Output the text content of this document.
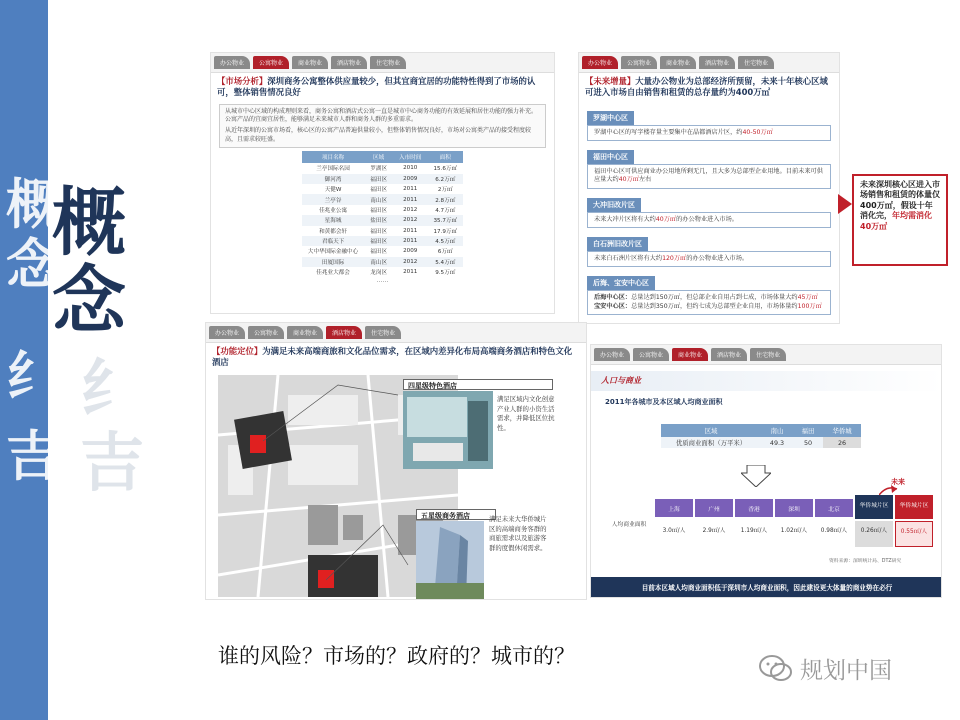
概
念
纟
吉
概
念
纟
吉
办公物业	公寓物业	商业物业	酒店物业	住宅物业
【市场分析】深圳商务公寓整体供应量较少，但其宜商宜居的功能特性得到了市场的认可，整体销售情况良好
从城市中心区域的构成理则来看，商务公寓和酒店式公寓一直是城市中心商务功能的有效延展和居住功能的强力补充。公寓产品的宜商宜居性，能够满足未来城市人群和商务人群的多重需求。
从近年深圳的公寓市场看，核心区的公寓产品普遍供量较小，但整体销售情况良好，市场对公寓类产品的接受程度较高，且需求较旺盛。
项目名称	区域	入市时间	面积
兰亭国际名园	罗湖区	2010	15.6万㎡
御河湾	福田区	2009	6.2万㎡
天健W	福田区	2011	2万㎡
兰亭谷	南山区	2011	2.8万㎡
佳兆业公寓	福田区	2012	4.7万㎡
星海城	盐田区	2012	35.7万㎡
和黄都会轩	福田区	2011	17.9万㎡
君临天下	福田区	2011	4.5万㎡
大中华国际金融中心	福田区	2009	6万㎡
田厦国际	南山区	2012	5.4万㎡
佳兆业大都会	龙岗区	2011	9.5万㎡
……
办公物业	公寓物业	商业物业	酒店物业	住宅物业
【未来增量】大量办公物业为总部经济所预留，未来十年核心区域可进入市场自由销售和租赁的总存量约为400万㎡
罗湖中心区
罗湖中心区的写字楼存量主要集中在晶都酒店片区，约40-50万㎡
福田中心区
福田中心区可供应商业办公用地所剩无几，且大多为总部型企业用地。目前未来可供应量大约40万㎡左右
大冲旧改片区
未来大冲片区将有大约40万㎡的办公物业进入市场。
白石洲旧改片区
未来白石洲片区将有大约120万㎡的办公物业进入市场。
后海、宝安中心区
后海中心区：总量达到150万㎡，但总部企业自用占到七成，市场体量大约45万㎡
宝安中心区：总量达到350万㎡，但约七成为总部型企业自用，市场体量约100万㎡
未来深圳核心区进入市场销售和租赁的体量仅400万㎡，假设十年消化完，年均需消化40万㎡
办公物业	公寓物业	商业物业	酒店物业	住宅物业
【功能定位】为满足未来高端商旅和文化品位需求，在区域内差异化布局高端商务酒店和特色文化酒店
四星级特色酒店
满足区域内文化创意产业人群的小资生活需求，并降低区位抗性。
五星级商务酒店	满足未来大华侨城片区的高端商务客群的商旅需求以及旅游客群的度假休闲需求。
办公物业	公寓物业	商业物业	酒店物业	住宅物业
人口与商业
2011年各城市及本区域人均商业面积
区域	南山	福田	华侨城
优质商业面积（万平米）	49.3	50	26
未来
人均商业面积
上海
3.0㎡/人
广州
2.9㎡/人
香港
1.19㎡/人
深圳
1.02㎡/人
北京
0.98㎡/人
华侨城片区
0.26㎡/人
华侨城片区
0.55㎡/人
资料来源：深圳统计局、DTZ研究
目前本区域人均商业面积低于深圳市人均商业面积，因此建设更大体量的商业势在必行
谁的风险？市场的？政府的？城市的？
规划中国
